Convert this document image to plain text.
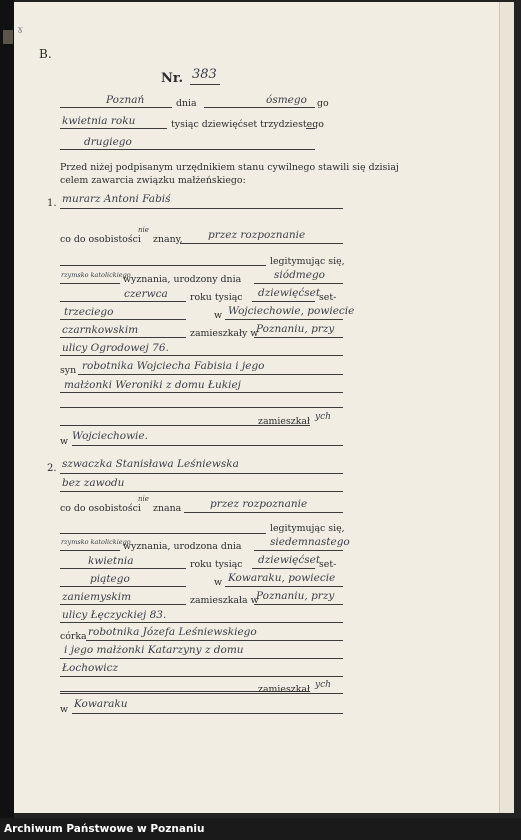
ɤ
B.
Nr. 383
Poznań	dnia	ósmego go
kwietnia roku	tysiąc dziewięćset trzydziestego
drugiego
Przed niżej podpisanym urzędnikiem stanu cywilnego stawili się dzisiaj
celem zawarcia związku małżeńskiego:
1. murarz Antoni Fabiś
co do osobistości
nie
znany, przez rozpoznanie
legitymując się,
rzymsko katolickiego
wyznania, urodzony dnia	siódmego
czerwca roku tysiąc dziewięćset
set-
trzeciego	w Wojciechowie, powiecie
czarnkowskim	zamieszkały w
Poznaniu, przy
ulicy Ogrodowej 76.
syn robotnika Wojciecha Fabisia i jego
małżonki Weroniki z domu Łukiej
zamieszkał ych
w Wojciechowie.
2. szwaczka Stanisława Leśniewska
bez zawodu
co do osobistości
nie
znana	przez rozpoznanie
legitymując się,
rzymsko katolickiego
wyznania, urodzona dnia	siedemnastego
kwietnia	roku tysiąc dziewięćset
set-
piątego	w Kowaraku, powiecie
zaniemyskim	zamieszkała w
Poznaniu, przy
ulicy Łęczyckiej 83.
córka robotnika Józefa Leśniewskiego
i jego małżonki Katarzyny z domu
Łochowicz
zamieszkał ych
w Kowaraku
Archiwum Państwowe w Poznaniu
